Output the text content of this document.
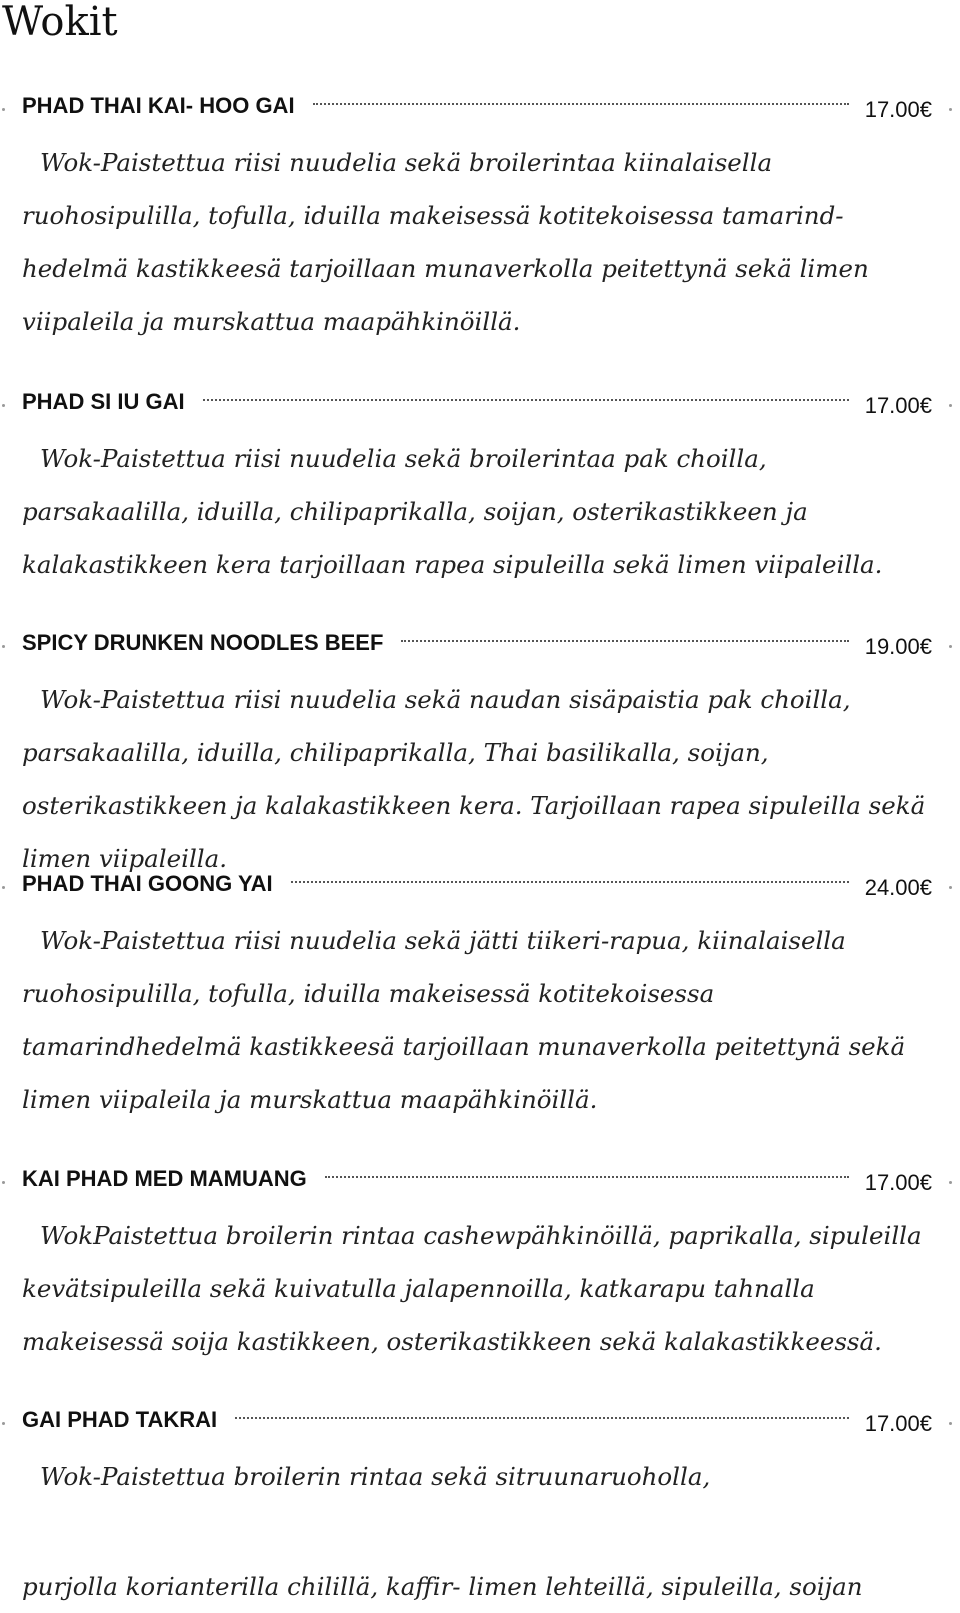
Wokit
PHAD THAI KAI- HOO GAI	17.00€

Wok-Paistettua riisi nuudelia sekä broilerintaa kiinalaisella ruohosipulilla, tofulla, iduilla makeisessä kotitekoisessa tamarind-hedelmä kastikkeesä tarjoillaan munaverkolla peitettynä sekä limen viipaleila ja murskattua maapähkinöillä.

PHAD SI IU GAI	17.00€

Wok-Paistettua riisi nuudelia sekä broilerintaa pak choilla, parsakaalilla, iduilla, chilipaprikalla, soijan, osterikastikkeen ja kalakastikkeen kera tarjoillaan rapea sipuleilla sekä limen viipaleilla.

SPICY DRUNKEN NOODLES BEEF	19.00€

Wok-Paistettua riisi nuudelia sekä naudan sisäpaistia pak choilla, parsakaalilla, iduilla, chilipaprikalla, Thai basilikalla, soijan, osterikastikkeen ja kalakastikkeen kera. Tarjoillaan rapea sipuleilla sekä limen viipaleilla.

PHAD THAI GOONG YAI	24.00€

Wok-Paistettua riisi nuudelia sekä jätti tiikeri-rapua, kiinalaisella ruohosipulilla, tofulla, iduilla makeisessä kotitekoisessa tamarindhedelmä kastikkeesä tarjoillaan munaverkolla peitettynä sekä limen viipaleila ja murskattua maapähkinöillä.

KAI PHAD MED MAMUANG	17.00€

WokPaistettua broilerin rintaa cashewpähkinöillä, paprikalla, sipuleilla kevätsipuleilla sekä kuivatulla jalapennoilla, katkarapu tahnalla makeisessä soija kastikkeen, osterikastikkeen sekä kalakastikkeessä.

GAI PHAD TAKRAI	17.00€

Wok-Paistettua broilerin rintaa sekä sitruunaruoholla,

purjolla korianterilla chilillä, kaffir- limen lehteillä, sipuleilla, soijan
